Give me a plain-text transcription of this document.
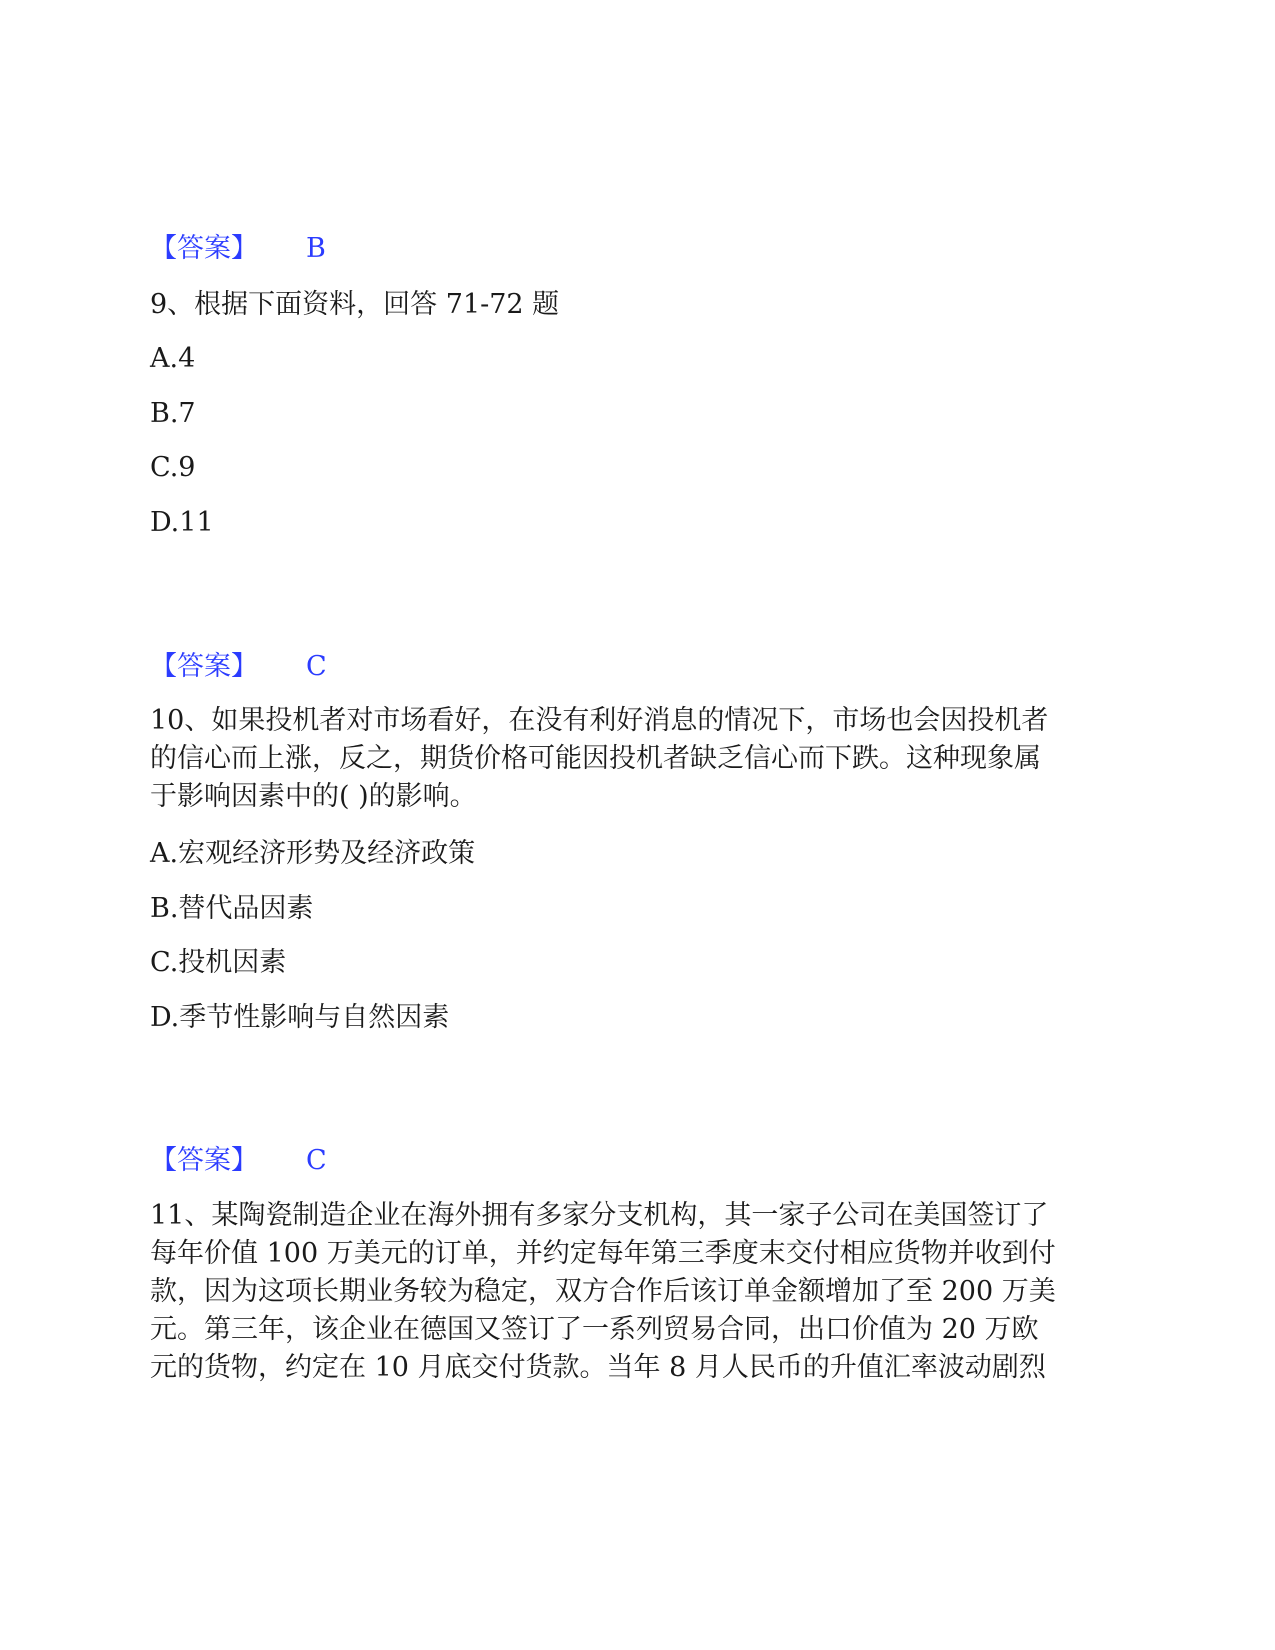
【答案】 B
9、根据下面资料，回答 71-72 题
A.4
B.7
C.9
D.11
【答案】 C
10、如果投机者对市场看好，在没有利好消息的情况下，市场也会因投机者
的信心而上涨，反之，期货价格可能因投机者缺乏信心而下跌。这种现象属
于影响因素中的( )的影响。
A.宏观经济形势及经济政策
B.替代品因素
C.投机因素
D.季节性影响与自然因素
【答案】 C
11、某陶瓷制造企业在海外拥有多家分支机构，其一家子公司在美国签订了
每年价值 100 万美元的订单，并约定每年第三季度末交付相应货物并收到付
款，因为这项长期业务较为稳定，双方合作后该订单金额增加了至 200 万美
元。第三年，该企业在德国又签订了一系列贸易合同，出口价值为 20 万欧
元的货物，约定在 10 月底交付货款。当年 8 月人民币的升值汇率波动剧烈
